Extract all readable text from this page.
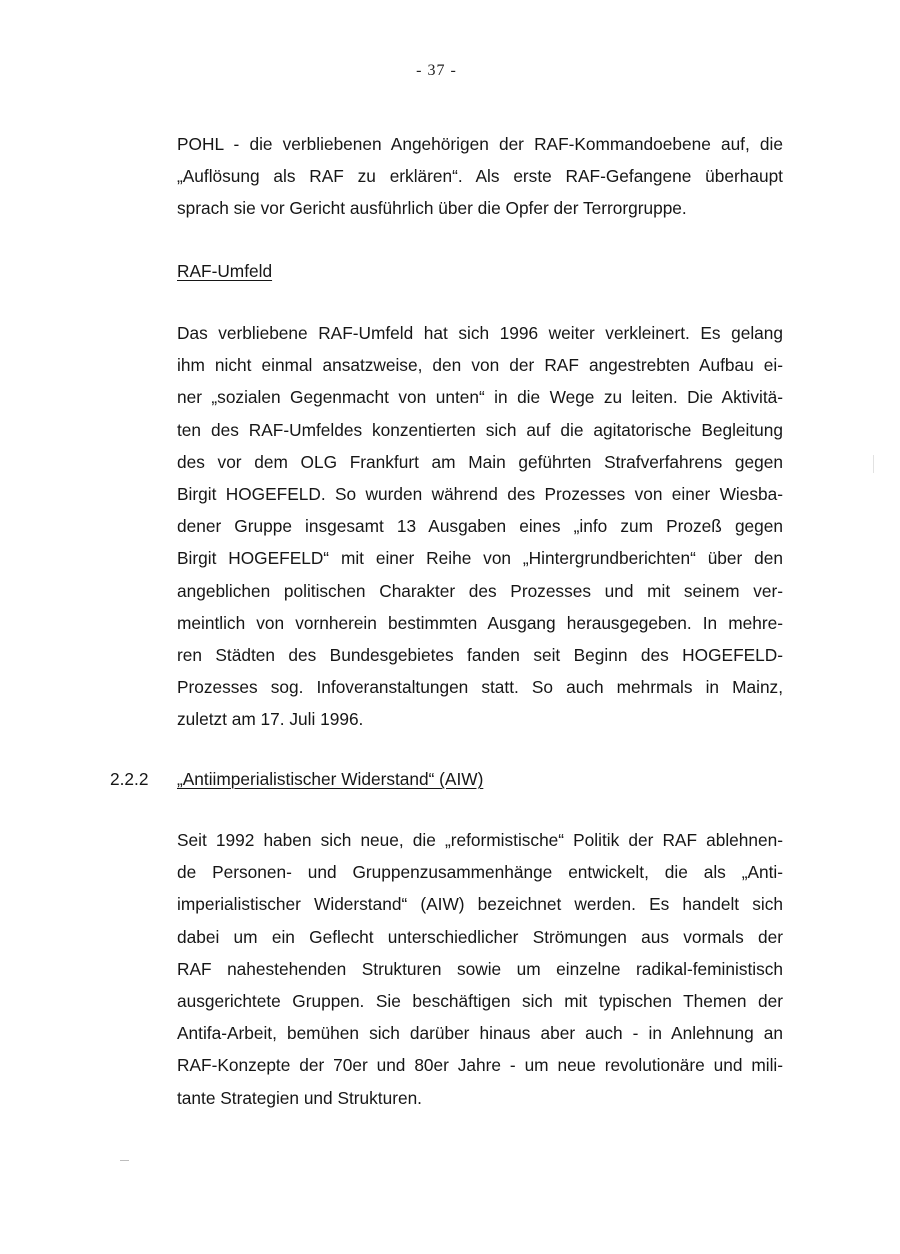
- 37 -
POHL - die verbliebenen Angehörigen der RAF-Kommandoebene auf, die
„Auflösung als RAF zu erklären“. Als erste RAF-Gefangene überhaupt
sprach sie vor Gericht ausführlich über die Opfer der Terrorgruppe.
RAF-Umfeld
Das verbliebene RAF-Umfeld hat sich 1996 weiter verkleinert. Es gelang
ihm nicht einmal ansatzweise, den von der RAF angestrebten Aufbau ei-
ner „sozialen Gegenmacht von unten“ in die Wege zu leiten. Die Aktivitä-
ten des RAF-Umfeldes konzentierten sich auf die agitatorische Begleitung
des vor dem OLG Frankfurt am Main geführten Strafverfahrens gegen
Birgit HOGEFELD. So wurden während des Prozesses von einer Wiesba-
dener Gruppe insgesamt 13 Ausgaben eines „info zum Prozeß gegen
Birgit HOGEFELD“ mit einer Reihe von „Hintergrundberichten“ über den
angeblichen politischen Charakter des Prozesses und mit seinem ver-
meintlich von vornherein bestimmten Ausgang herausgegeben. In mehre-
ren Städten des Bundesgebietes fanden seit Beginn des HOGEFELD-
Prozesses sog. Infoveranstaltungen statt. So auch mehrmals in Mainz,
zuletzt am 17. Juli 1996.
2.2.2 „Antiimperialistischer Widerstand“ (AIW)
Seit 1992 haben sich neue, die „reformistische“ Politik der RAF ablehnen-
de Personen- und Gruppenzusammenhänge entwickelt, die als „Anti-
imperialistischer Widerstand“ (AIW) bezeichnet werden. Es handelt sich
dabei um ein Geflecht unterschiedlicher Strömungen aus vormals der
RAF nahestehenden Strukturen sowie um einzelne radikal-feministisch
ausgerichtete Gruppen. Sie beschäftigen sich mit typischen Themen der
Antifa-Arbeit, bemühen sich darüber hinaus aber auch - in Anlehnung an
RAF-Konzepte der 70er und 80er Jahre - um neue revolutionäre und mili-
tante Strategien und Strukturen.
